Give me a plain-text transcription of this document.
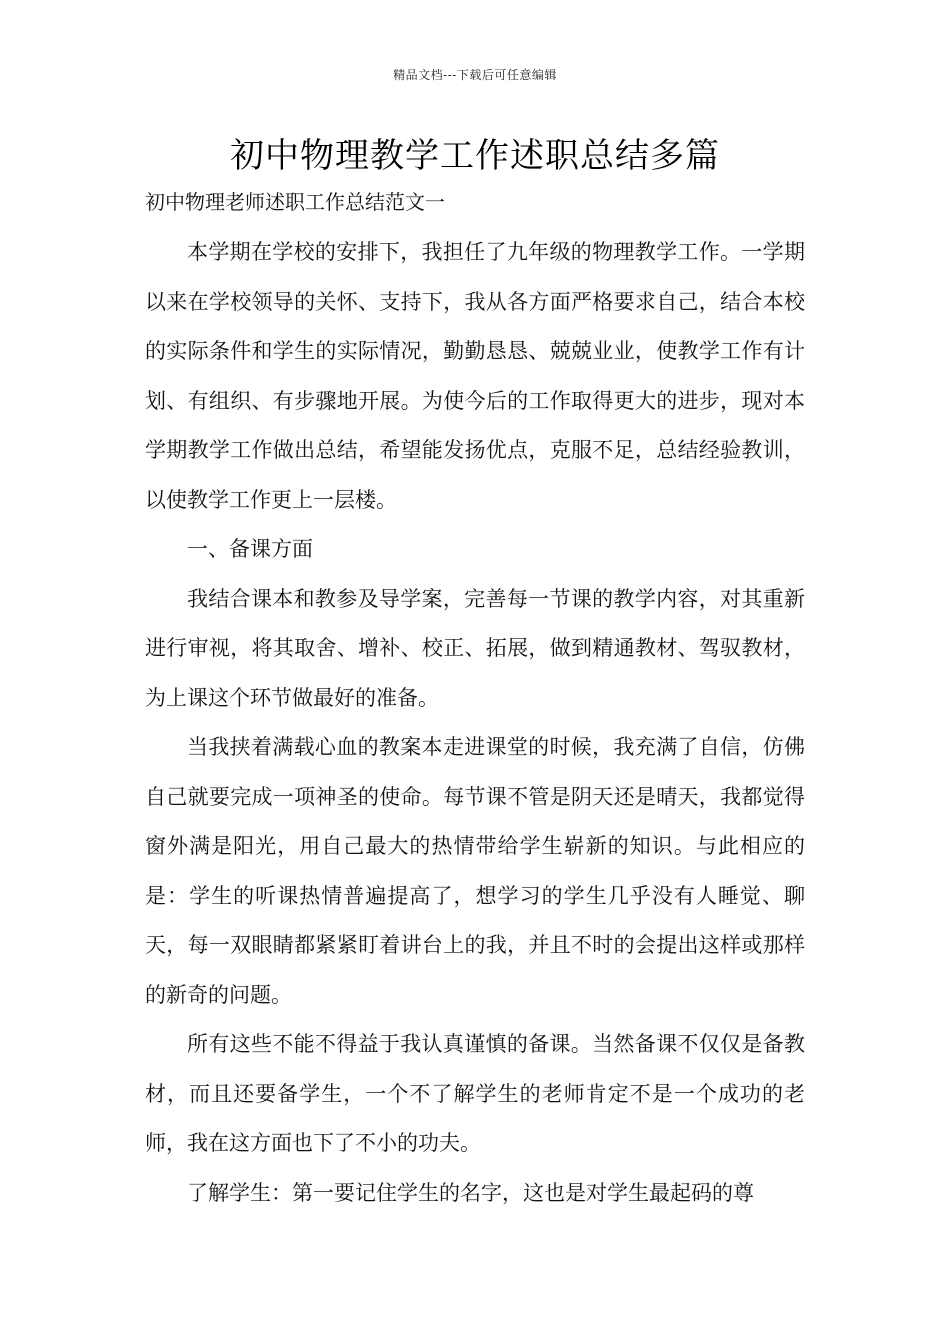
精品文档---下载后可任意编辑
初中物理教学工作述职总结多篇

初中物理老师述职工作总结范文一

本学期在学校的安排下，我担任了九年级的物理教学工作。一学期以来在学校领导的关怀、支持下，我从各方面严格要求自己，结合本校的实际条件和学生的实际情况，勤勤恳恳、兢兢业业，使教学工作有计划、有组织、有步骤地开展。为使今后的工作取得更大的进步，现对本学期教学工作做出总结，希望能发扬优点，克服不足，总结经验教训，以使教学工作更上一层楼。

一、备课方面

我结合课本和教参及导学案，完善每一节课的教学内容，对其重新进行审视，将其取舍、增补、校正、拓展，做到精通教材、驾驭教材，为上课这个环节做最好的准备。

当我挟着满载心血的教案本走进课堂的时候，我充满了自信，仿佛自己就要完成一项神圣的使命。每节课不管是阴天还是晴天，我都觉得窗外满是阳光，用自己最大的热情带给学生崭新的知识。与此相应的是：学生的听课热情普遍提高了，想学习的学生几乎没有人睡觉、聊天，每一双眼睛都紧紧盯着讲台上的我，并且不时的会提出这样或那样的新奇的问题。

所有这些不能不得益于我认真谨慎的备课。当然备课不仅仅是备教材，而且还要备学生，一个不了解学生的老师肯定不是一个成功的老师，我在这方面也下了不小的功夫。

了解学生：第一要记住学生的名字，这也是对学生最起码的尊
